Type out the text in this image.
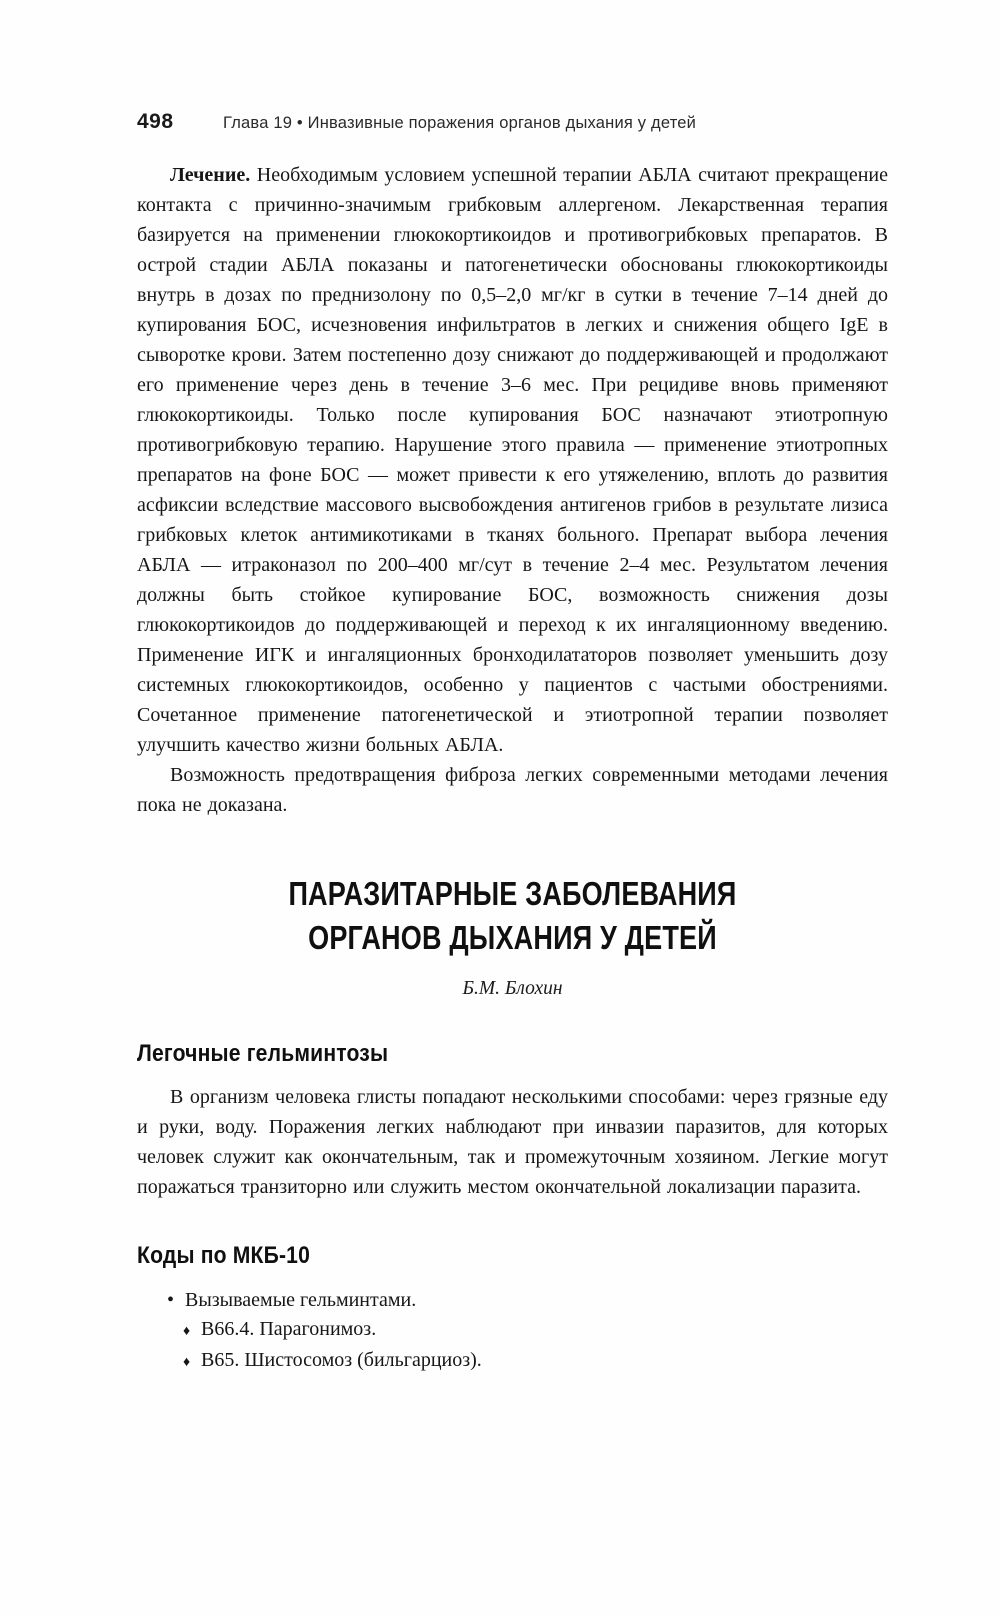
498	Глава 19 • Инвазивные поражения органов дыхания у детей

Лечение. Необходимым условием успешной терапии АБЛА считают прекращение контакта с причинно-значимым грибковым аллергеном. Лекарственная терапия базируется на применении глюкокортикоидов и противогрибковых препаратов. В острой стадии АБЛА показаны и патогенетически обоснованы глюкокортикоиды внутрь в дозах по преднизолону по 0,5–2,0 мг/кг в сутки в течение 7–14 дней до купирования БОС, исчезновения инфильтратов в легких и снижения общего IgE в сыворотке крови. Затем постепенно дозу снижают до поддерживающей и продолжают его применение через день в течение 3–6 мес. При рецидиве вновь применяют глюкокортикоиды. Только после купирования БОС назначают этиотропную противогрибковую терапию. Нарушение этого правила — применение этиотропных препаратов на фоне БОС — может привести к его утяжелению, вплоть до развития асфиксии вследствие массового высвобождения антигенов грибов в результате лизиса грибковых клеток антимикотиками в тканях больного. Препарат выбора лечения АБЛА — итраконазол по 200–400 мг/сут в течение 2–4 мес. Результатом лечения должны быть стойкое купирование БОС, возможность снижения дозы глюкокортикоидов до поддерживающей и переход к их ингаляционному введению. Применение ИГК и ингаляционных бронходилататоров позволяет уменьшить дозу системных глюкокортикоидов, особенно у пациентов с частыми обострениями. Сочетанное применение патогенетической и этиотропной терапии позволяет улучшить качество жизни больных АБЛА.

Возможность предотвращения фиброза легких современными методами лечения пока не доказана.

ПАРАЗИТАРНЫЕ ЗАБОЛЕВАНИЯ
ОРГАНОВ ДЫХАНИЯ У ДЕТЕЙ
Б.М. Блохин
Легочные гельминтозы

В организм человека глисты попадают несколькими способами: через грязные еду и руки, воду. Поражения легких наблюдают при инвазии паразитов, для которых человек служит как окончательным, так и промежуточным хозяином. Легкие могут поражаться транзиторно или служить местом окончательной локализации паразита.

Коды по МКБ-10
• Вызываемые гельминтами.
♦ В66.4. Парагонимоз.
♦ В65. Шистосомоз (бильгарциоз).
